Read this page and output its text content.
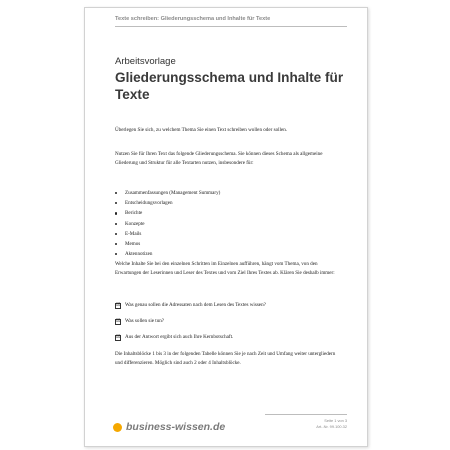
Texte schreiben: Gliederungsschema und Inhalte für Texte
Arbeitsvorlage
Gliederungsschema und Inhalte für Texte

Überlegen Sie sich, zu welchem Thema Sie einen Text schreiben wollen oder sollen.

Nutzen Sie für Ihren Text das folgende Gliederungsschema. Sie können dieses Schema als allgemeine Gliederung und Struktur für alle Textarten nutzen, insbesondere für:

Zusammenfassungen (Management Summary)
Entscheidungsvorlagen
Berichte
Konzepte
E-Mails
Memos
Aktennotizen

Welche Inhalte Sie bei den einzelnen Schritten im Einzelnen aufführen, hängt vom Thema, von den Erwartungen der Leserinnen und Leser des Textes und vom Ziel Ihres Textes ab. Klären Sie deshalb immer:

☑ Was genau sollen die Adressaten nach dem Lesen des Textes wissen?
☑ Was sollen sie tun?
☑ Aus der Antwort ergibt sich auch Ihre Kernbotschaft.

Die Inhaltsblöcke 1 bis 3 in der folgenden Tabelle können Sie je nach Zeit und Umfang weiter untergliedern und differenzieren. Möglich sind auch 2 oder 4 Inhaltsblöcke.

business-wissen.de
Seite 1 von 3
Art.-Nr. 99.100.32
